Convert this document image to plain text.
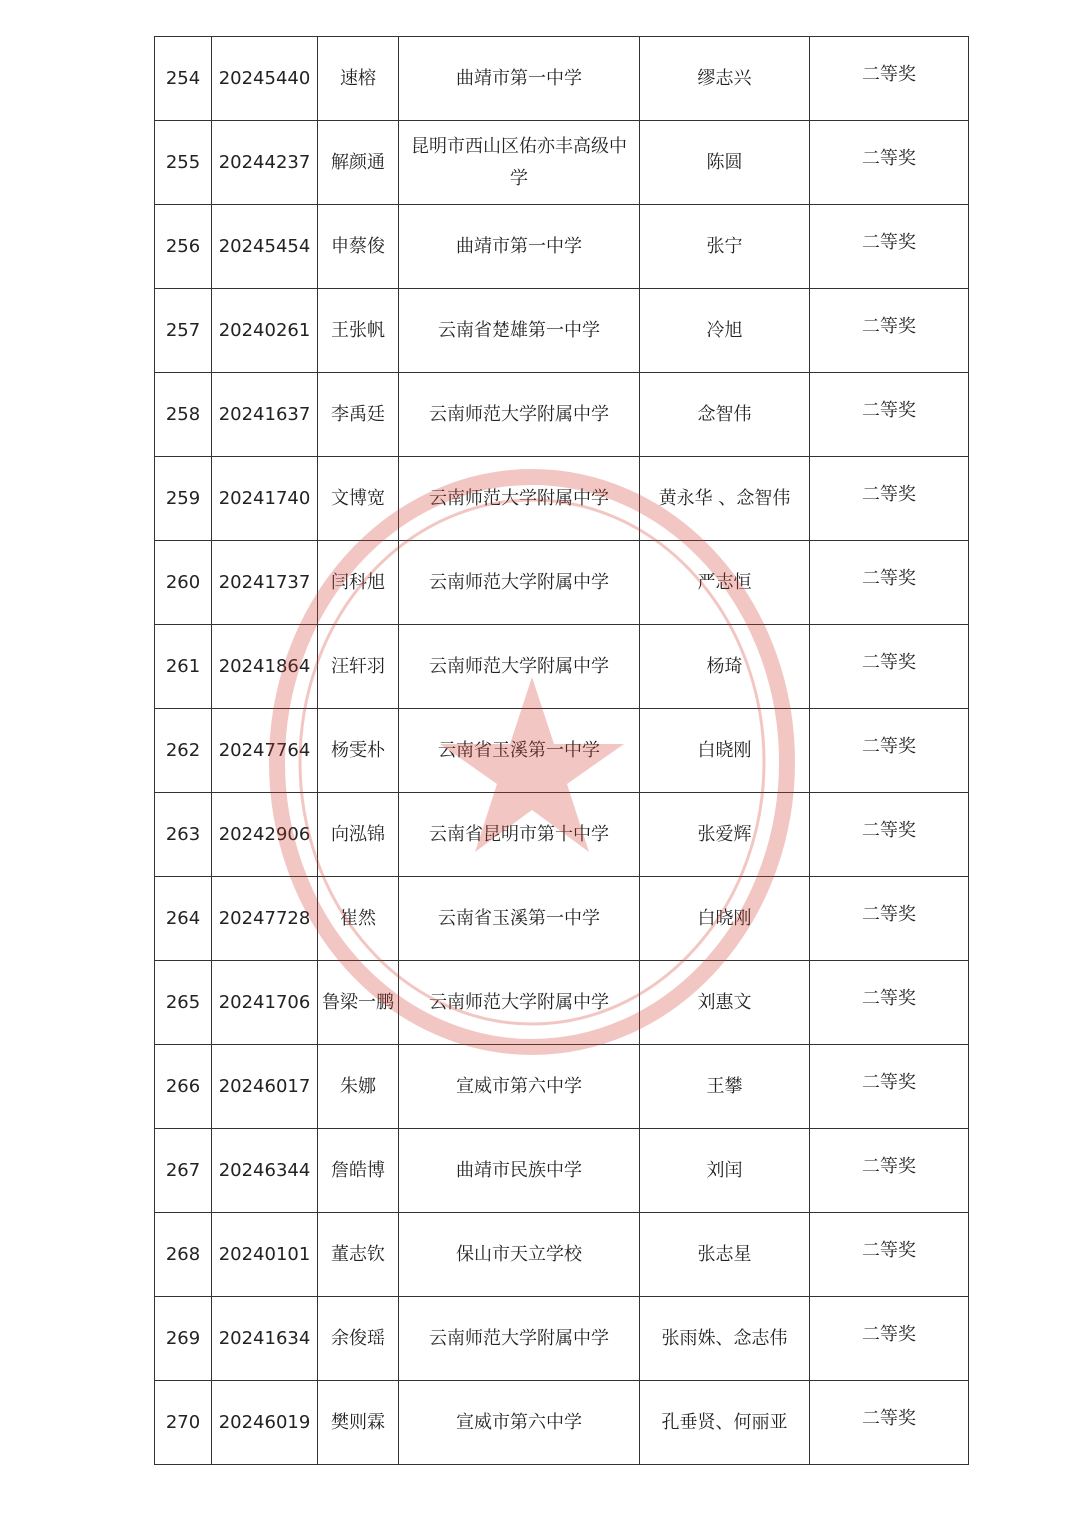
254	20245440	速榕	曲靖市第一中学	缪志兴	二等奖
255	20244237	解颜通	昆明市西山区佑亦丰高级中学	陈圆	二等奖
256	20245454	申蔡俊	曲靖市第一中学	张宁	二等奖
257	20240261	王张帆	云南省楚雄第一中学	冷旭	二等奖
258	20241637	李禹廷	云南师范大学附属中学	念智伟	二等奖
259	20241740	文博宽	云南师范大学附属中学	黄永华 、念智伟	二等奖
260	20241737	闫科旭	云南师范大学附属中学	严志恒	二等奖
261	20241864	汪轩羽	云南师范大学附属中学	杨琦	二等奖
262	20247764	杨雯朴	云南省玉溪第一中学	白晓刚	二等奖
263	20242906	向泓锦	云南省昆明市第十中学	张爱辉	二等奖
264	20247728	崔然	云南省玉溪第一中学	白晓刚	二等奖
265	20241706	鲁梁一鹏	云南师范大学附属中学	刘惠文	二等奖
266	20246017	朱娜	宣威市第六中学	王攀	二等奖
267	20246344	詹皓博	曲靖市民族中学	刘闰	二等奖
268	20240101	董志钦	保山市天立学校	张志星	二等奖
269	20241634	余俊瑶	云南师范大学附属中学	张雨姝、念志伟	二等奖
270	20246019	樊则霖	宣威市第六中学	孔垂贤、何丽亚	二等奖
